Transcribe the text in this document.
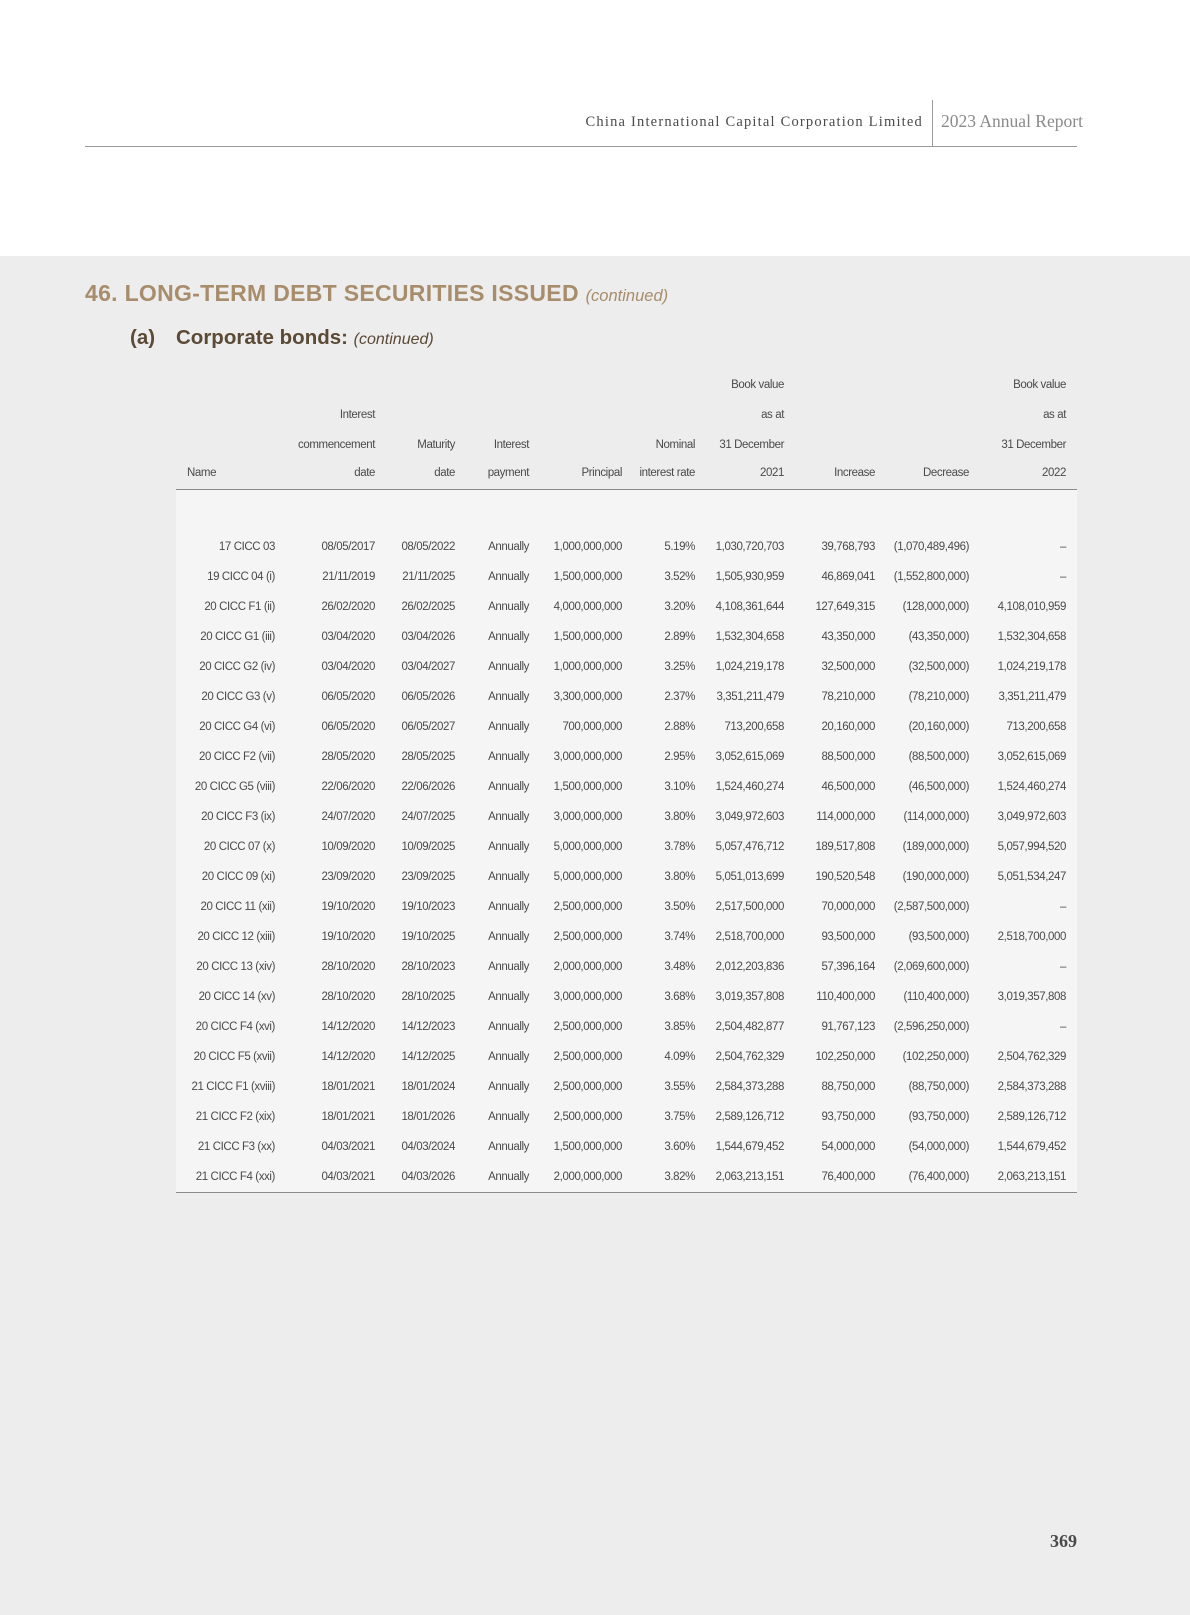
China International Capital Corporation Limited 2023 Annual Report
46. LONG-TERM DEBT SECURITIES ISSUED (continued)
(a) Corporate bonds: (continued)
						Book value			Book value
	Interest					as at			as at
	commencement	Maturity	Interest		Nominal	31 December			31 December
Name	date	date	payment	Principal	interest rate	2021	Increase	Decrease	2022

17 CICC 03	08/05/2017	08/05/2022	Annually	1,000,000,000	5.19%	1,030,720,703	39,768,793	(1,070,489,496)	–
19 CICC 04 (i)	21/11/2019	21/11/2025	Annually	1,500,000,000	3.52%	1,505,930,959	46,869,041	(1,552,800,000)	–
20 CICC F1 (ii)	26/02/2020	26/02/2025	Annually	4,000,000,000	3.20%	4,108,361,644	127,649,315	(128,000,000)	4,108,010,959
20 CICC G1 (iii)	03/04/2020	03/04/2026	Annually	1,500,000,000	2.89%	1,532,304,658	43,350,000	(43,350,000)	1,532,304,658
20 CICC G2 (iv)	03/04/2020	03/04/2027	Annually	1,000,000,000	3.25%	1,024,219,178	32,500,000	(32,500,000)	1,024,219,178
20 CICC G3 (v)	06/05/2020	06/05/2026	Annually	3,300,000,000	2.37%	3,351,211,479	78,210,000	(78,210,000)	3,351,211,479
20 CICC G4 (vi)	06/05/2020	06/05/2027	Annually	700,000,000	2.88%	713,200,658	20,160,000	(20,160,000)	713,200,658
20 CICC F2 (vii)	28/05/2020	28/05/2025	Annually	3,000,000,000	2.95%	3,052,615,069	88,500,000	(88,500,000)	3,052,615,069
20 CICC G5 (viii)	22/06/2020	22/06/2026	Annually	1,500,000,000	3.10%	1,524,460,274	46,500,000	(46,500,000)	1,524,460,274
20 CICC F3 (ix)	24/07/2020	24/07/2025	Annually	3,000,000,000	3.80%	3,049,972,603	114,000,000	(114,000,000)	3,049,972,603
20 CICC 07 (x)	10/09/2020	10/09/2025	Annually	5,000,000,000	3.78%	5,057,476,712	189,517,808	(189,000,000)	5,057,994,520
20 CICC 09 (xi)	23/09/2020	23/09/2025	Annually	5,000,000,000	3.80%	5,051,013,699	190,520,548	(190,000,000)	5,051,534,247
20 CICC 11 (xii)	19/10/2020	19/10/2023	Annually	2,500,000,000	3.50%	2,517,500,000	70,000,000	(2,587,500,000)	–
20 CICC 12 (xiii)	19/10/2020	19/10/2025	Annually	2,500,000,000	3.74%	2,518,700,000	93,500,000	(93,500,000)	2,518,700,000
20 CICC 13 (xiv)	28/10/2020	28/10/2023	Annually	2,000,000,000	3.48%	2,012,203,836	57,396,164	(2,069,600,000)	–
20 CICC 14 (xv)	28/10/2020	28/10/2025	Annually	3,000,000,000	3.68%	3,019,357,808	110,400,000	(110,400,000)	3,019,357,808
20 CICC F4 (xvi)	14/12/2020	14/12/2023	Annually	2,500,000,000	3.85%	2,504,482,877	91,767,123	(2,596,250,000)	–
20 CICC F5 (xvii)	14/12/2020	14/12/2025	Annually	2,500,000,000	4.09%	2,504,762,329	102,250,000	(102,250,000)	2,504,762,329
21 CICC F1 (xviii)	18/01/2021	18/01/2024	Annually	2,500,000,000	3.55%	2,584,373,288	88,750,000	(88,750,000)	2,584,373,288
21 CICC F2 (xix)	18/01/2021	18/01/2026	Annually	2,500,000,000	3.75%	2,589,126,712	93,750,000	(93,750,000)	2,589,126,712
21 CICC F3 (xx)	04/03/2021	04/03/2024	Annually	1,500,000,000	3.60%	1,544,679,452	54,000,000	(54,000,000)	1,544,679,452
21 CICC F4 (xxi)	04/03/2021	04/03/2026	Annually	2,000,000,000	3.82%	2,063,213,151	76,400,000	(76,400,000)	2,063,213,151
369
